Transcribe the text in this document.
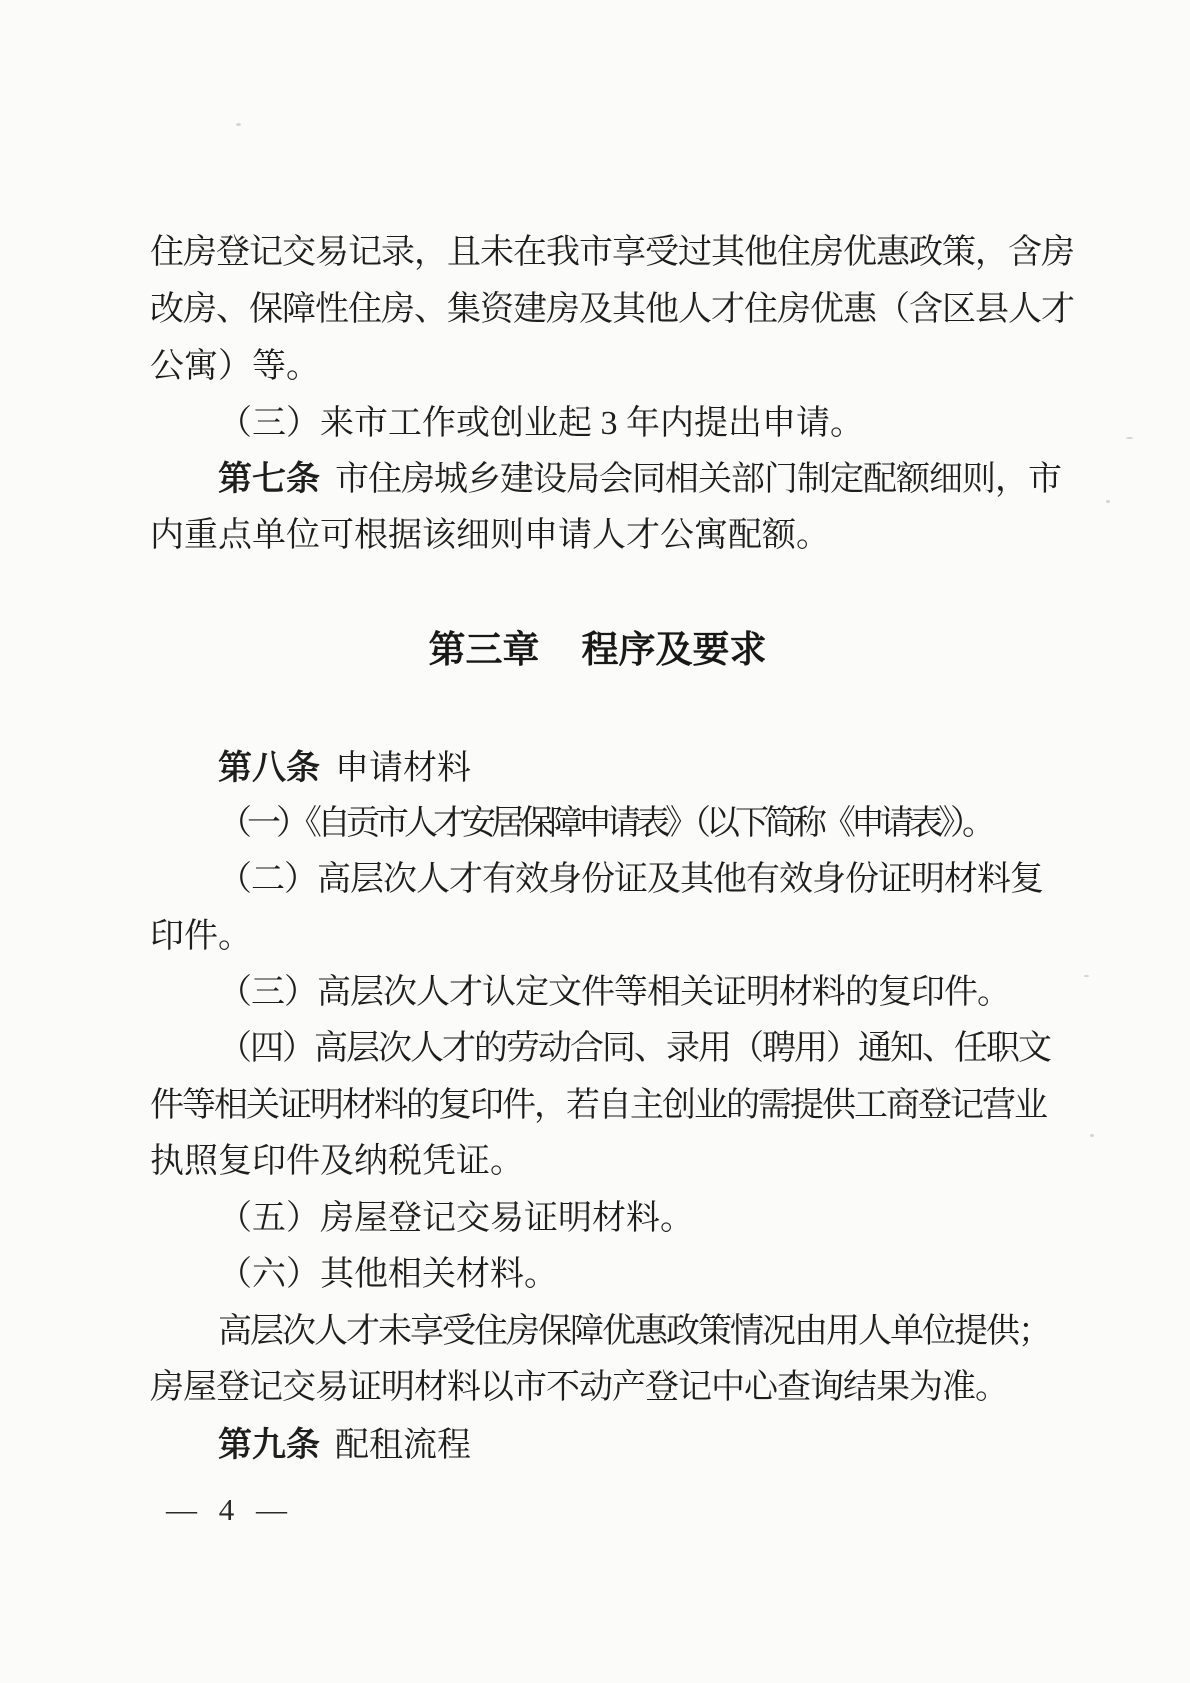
住房登记交易记录，且未在我市享受过其他住房优惠政策，含房
改房、保障性住房、集资建房及其他人才住房优惠（含区县人才
公寓）等。
（三）来市工作或创业起 3 年内提出申请。
第七条 市住房城乡建设局会同相关部门制定配额细则，市
内重点单位可根据该细则申请人才公寓配额。
第三章 程序及要求
第八条 申请材料
（一）《自贡市人才安居保障申请表》（以下简称《申请表》）。
（二）高层次人才有效身份证及其他有效身份证明材料复
印件。
（三）高层次人才认定文件等相关证明材料的复印件。
（四）高层次人才的劳动合同、录用（聘用）通知、任职文
件等相关证明材料的复印件，若自主创业的需提供工商登记营业
执照复印件及纳税凭证。
（五）房屋登记交易证明材料。
（六）其他相关材料。
高层次人才未享受住房保障优惠政策情况由用人单位提供；
房屋登记交易证明材料以市不动产登记中心查询结果为准。
第九条 配租流程
— 4 —
